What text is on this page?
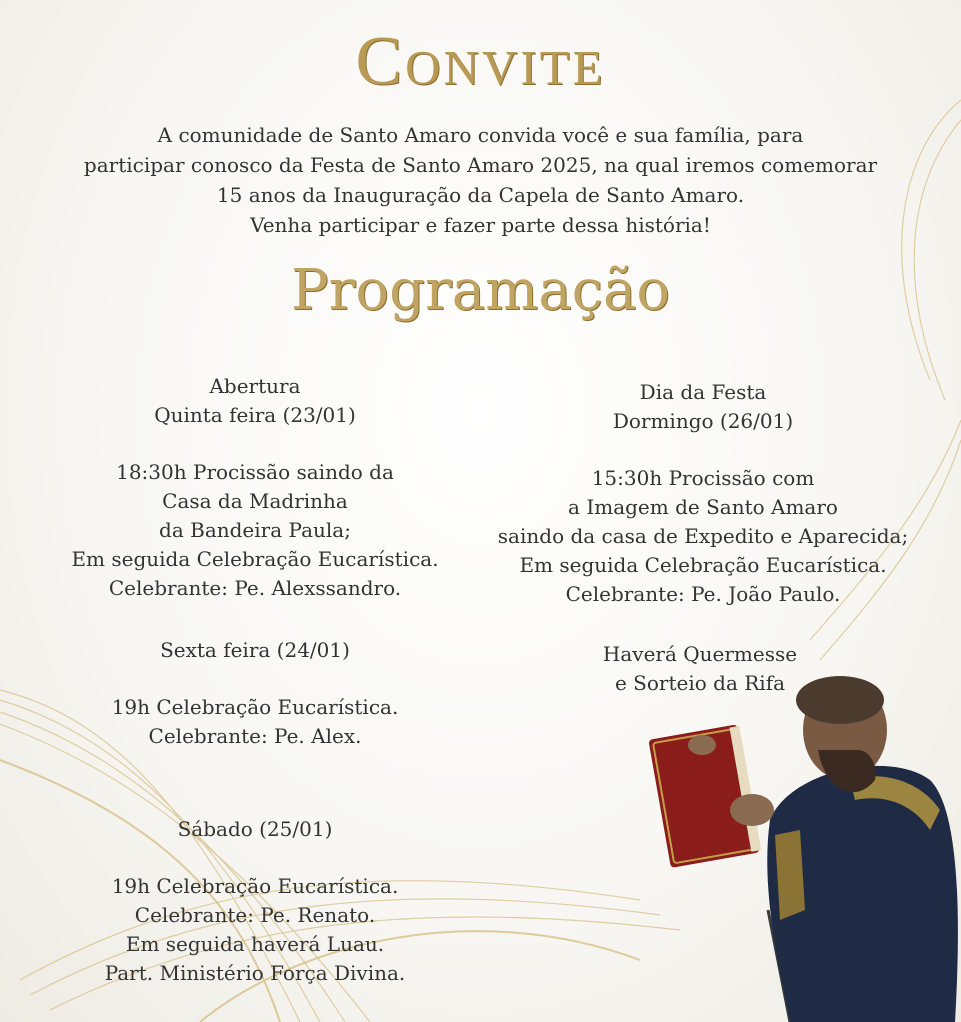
Convite
A comunidade de Santo Amaro convida você e sua família, para
participar conosco da Festa de Santo Amaro 2025, na qual iremos comemorar
15 anos da Inauguração da Capela de Santo Amaro.
Venha participar e fazer parte dessa história!
Programação
Abertura
Quinta feira (23/01)
18:30h Procissão saindo da
Casa da Madrinha
da Bandeira Paula;
Em seguida Celebração Eucarística.
Celebrante: Pe. Alexssandro.
Sexta feira (24/01)
19h Celebração Eucarística.
Celebrante: Pe. Alex.
Sábado (25/01)
19h Celebração Eucarística.
Celebrante: Pe. Renato.
Em seguida haverá Luau.
Part. Ministério Força Divina.
Dia da Festa
Dormingo (26/01)
15:30h Procissão com
a Imagem de Santo Amaro
saindo da casa de Expedito e Aparecida;
Em seguida Celebração Eucarística.
Celebrante: Pe. João Paulo.
Haverá Quermesse
e Sorteio da Rifa
